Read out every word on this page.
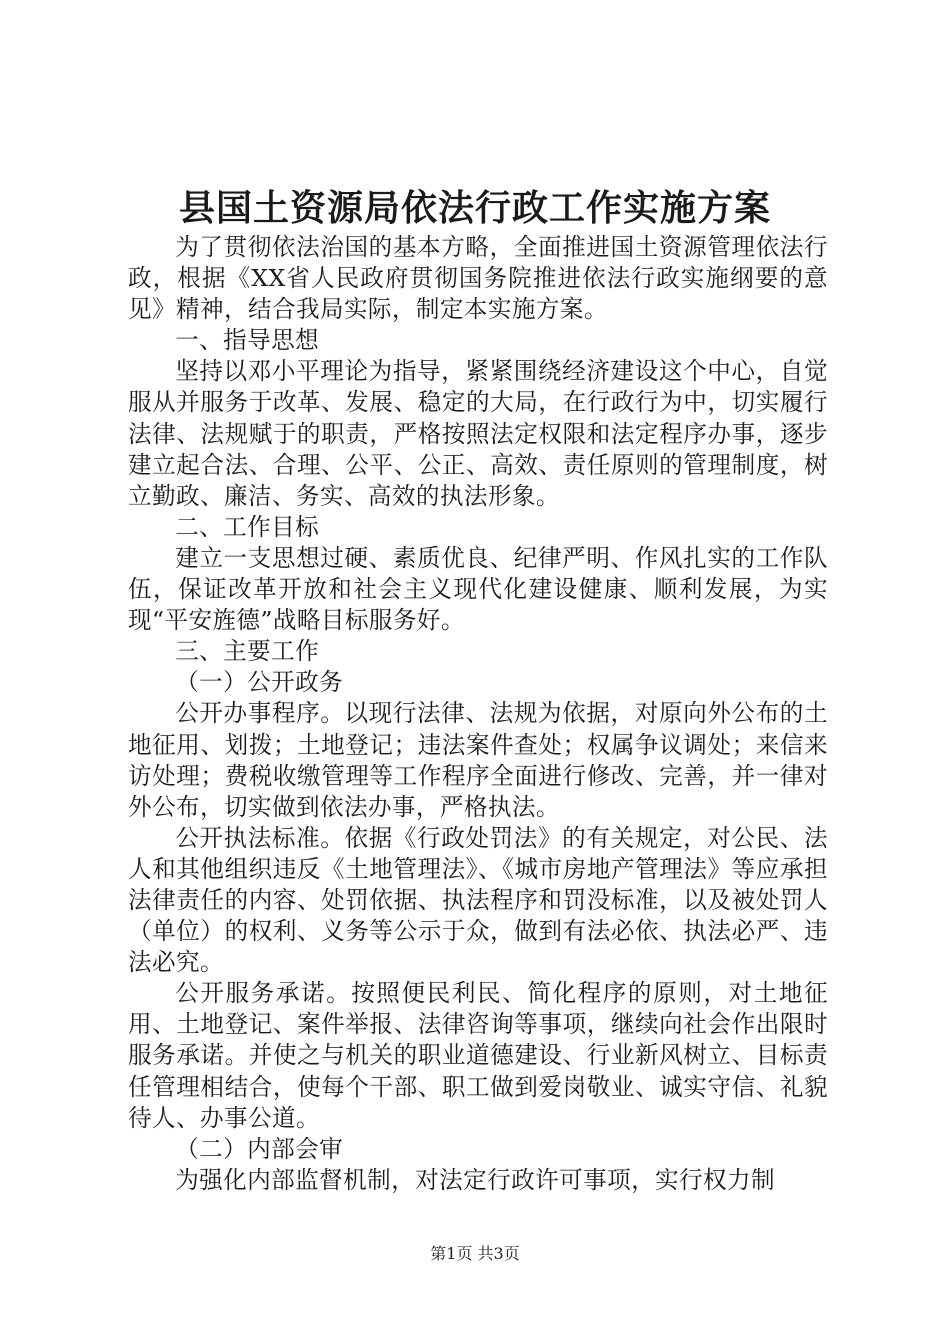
县国土资源局依法行政工作实施方案

为了贯彻依法治国的基本方略，全面推进国土资源管理依法行政，根据《XX省人民政府贯彻国务院推进依法行政实施纲要的意见》精神，结合我局实际，制定本实施方案。

一、指导思想

坚持以邓小平理论为指导，紧紧围绕经济建设这个中心，自觉服从并服务于改革、发展、稳定的大局，在行政行为中，切实履行法律、法规赋于的职责，严格按照法定权限和法定程序办事，逐步建立起合法、合理、公平、公正、高效、责任原则的管理制度，树立勤政、廉洁、务实、高效的执法形象。

二、工作目标

建立一支思想过硬、素质优良、纪律严明、作风扎实的工作队伍，保证改革开放和社会主义现代化建设健康、顺利发展，为实现“平安旌德”战略目标服务好。

三、主要工作

（一）公开政务

公开办事程序。以现行法律、法规为依据，对原向外公布的土地征用、划拨；土地登记；违法案件查处；权属争议调处；来信来访处理；费税收缴管理等工作程序全面进行修改、完善，并一律对外公布，切实做到依法办事，严格执法。

公开执法标准。依据《行政处罚法》的有关规定，对公民、法人和其他组织违反《土地管理法》、《城市房地产管理法》等应承担法律责任的内容、处罚依据、执法程序和罚没标准，以及被处罚人（单位）的权利、义务等公示于众，做到有法必依、执法必严、违法必究。

公开服务承诺。按照便民利民、简化程序的原则，对土地征用、土地登记、案件举报、法律咨询等事项，继续向社会作出限时服务承诺。并使之与机关的职业道德建设、行业新风树立、目标责任管理相结合，使每个干部、职工做到爱岗敬业、诚实守信、礼貌待人、办事公道。

（二）内部会审

为强化内部监督机制，对法定行政许可事项，实行权力制

第1页 共3页
